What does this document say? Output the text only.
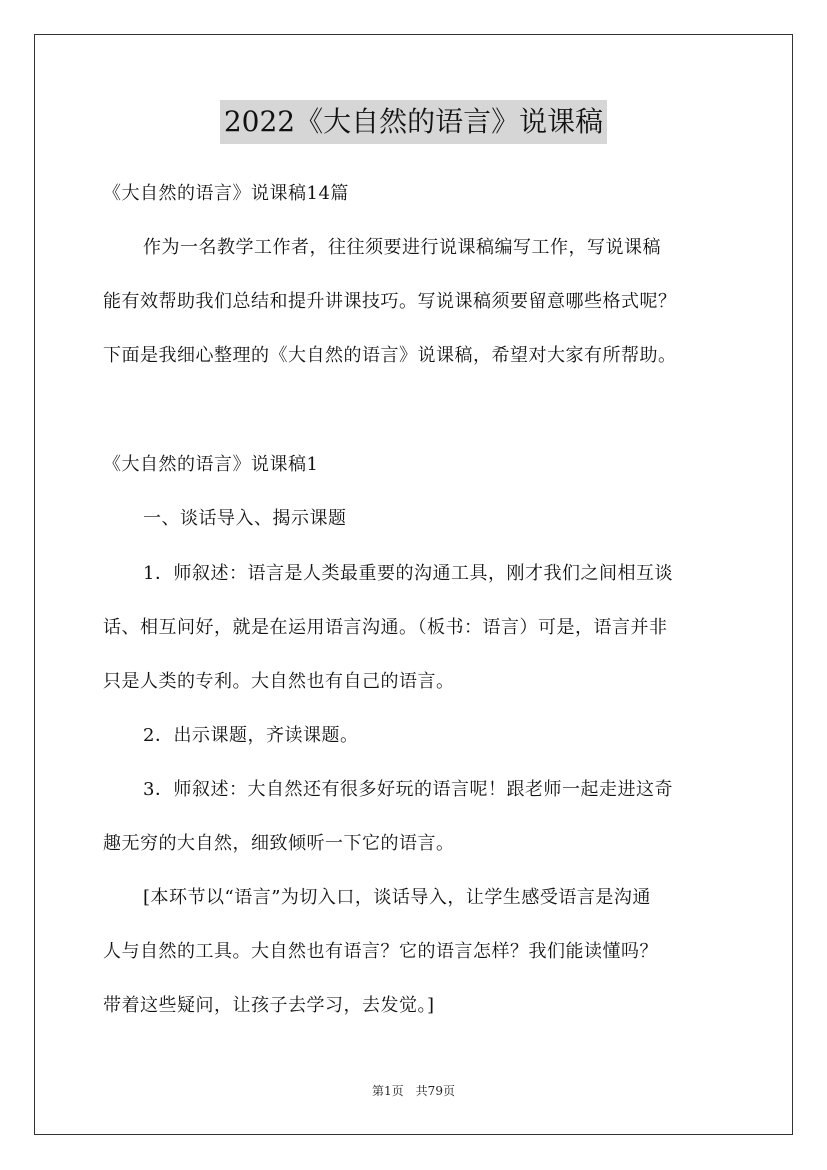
2022《大自然的语言》说课稿
《大自然的语言》说课稿14篇
作为一名教学工作者，往往须要进行说课稿编写工作，写说课稿
能有效帮助我们总结和提升讲课技巧。写说课稿须要留意哪些格式呢？
下面是我细心整理的《大自然的语言》说课稿，希望对大家有所帮助。
《大自然的语言》说课稿1
一、谈话导入、揭示课题
1．师叙述：语言是人类最重要的沟通工具，刚才我们之间相互谈
话、相互问好，就是在运用语言沟通。（板书：语言）可是，语言并非
只是人类的专利。大自然也有自己的语言。
2．出示课题，齐读课题。
3．师叙述：大自然还有很多好玩的语言呢！跟老师一起走进这奇
趣无穷的大自然，细致倾听一下它的语言。
[本环节以“语言”为切入口，谈话导入，让学生感受语言是沟通
人与自然的工具。大自然也有语言？它的语言怎样？我们能读懂吗？
带着这些疑问，让孩子去学习，去发觉。]
第1页　共79页
